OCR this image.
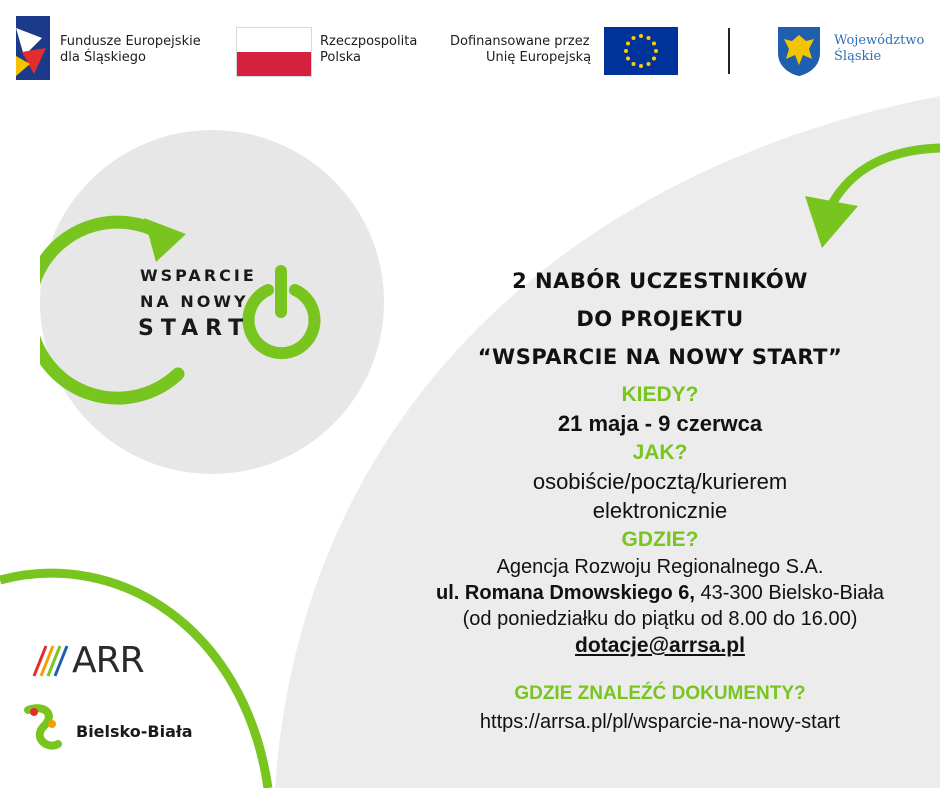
Fundusze Europejskie
dla Śląskiego
Rzeczpospolita
Polska
Dofinansowane przez
Unię Europejską
Województwo
Śląskie
WSPARCIE
NA NOWY
START
2 NABÓR UCZESTNIKÓW
DO PROJEKTU
“WSPARCIE NA NOWY START”
KIEDY?
21 maja - 9 czerwca
JAK?
osobiście/pocztą/kurierem
elektronicznie
GDZIE?
Agencja Rozwoju Regionalnego S.A.
ul. Romana Dmowskiego 6, 43-300 Bielsko-Biała
(od poniedziałku do piątku od 8.00 do 16.00)
dotacje@arrsa.pl
GDZIE ZNALEŹĆ DOKUMENTY?
https://arrsa.pl/pl/wsparcie-na-nowy-start
ARR
Bielsko-Biała
